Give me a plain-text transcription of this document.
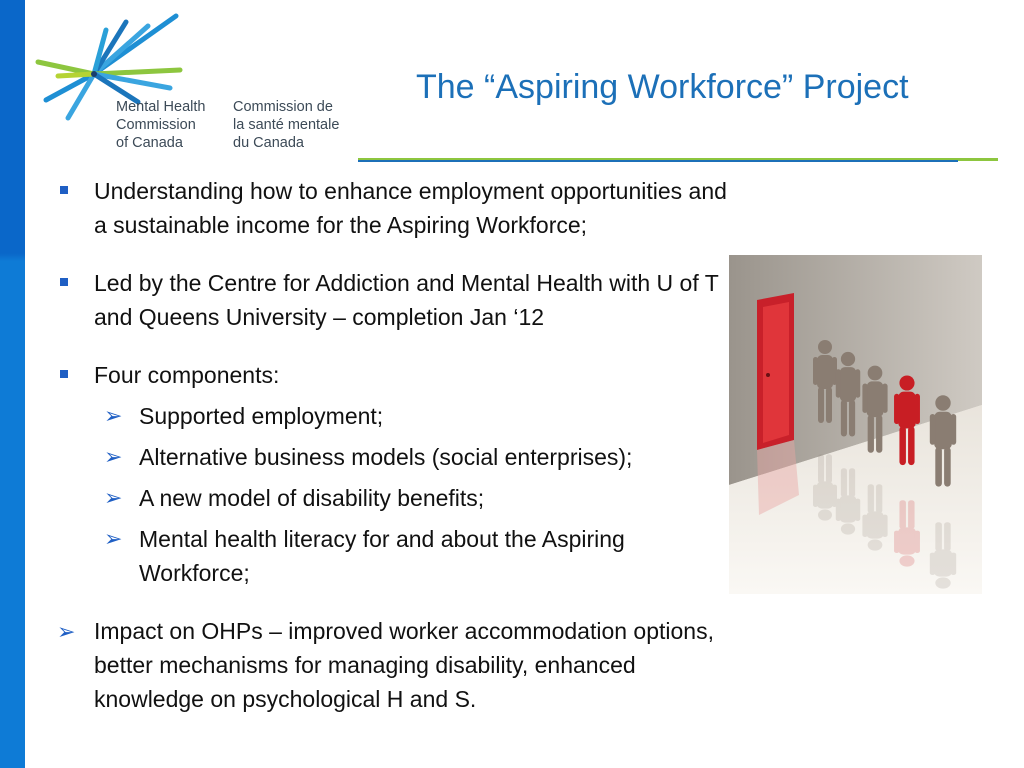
Mental Health
Commission
of Canada
Commission de
la santé mentale
du Canada
The “Aspiring Workforce” Project
Understanding how to enhance employment opportunities and a sustainable income for the Aspiring Workforce;
Led by the Centre for Addiction and Mental Health with U of T and Queens University – completion Jan ‘12
Four components:
➢ Supported employment;
➢ Alternative business models (social enterprises);
➢ A new model of disability benefits;
➢ Mental health literacy for and about the Aspiring Workforce;
➢ Impact on OHPs – improved worker accommodation options, better mechanisms for managing disability, enhanced knowledge on psychological H and S.
